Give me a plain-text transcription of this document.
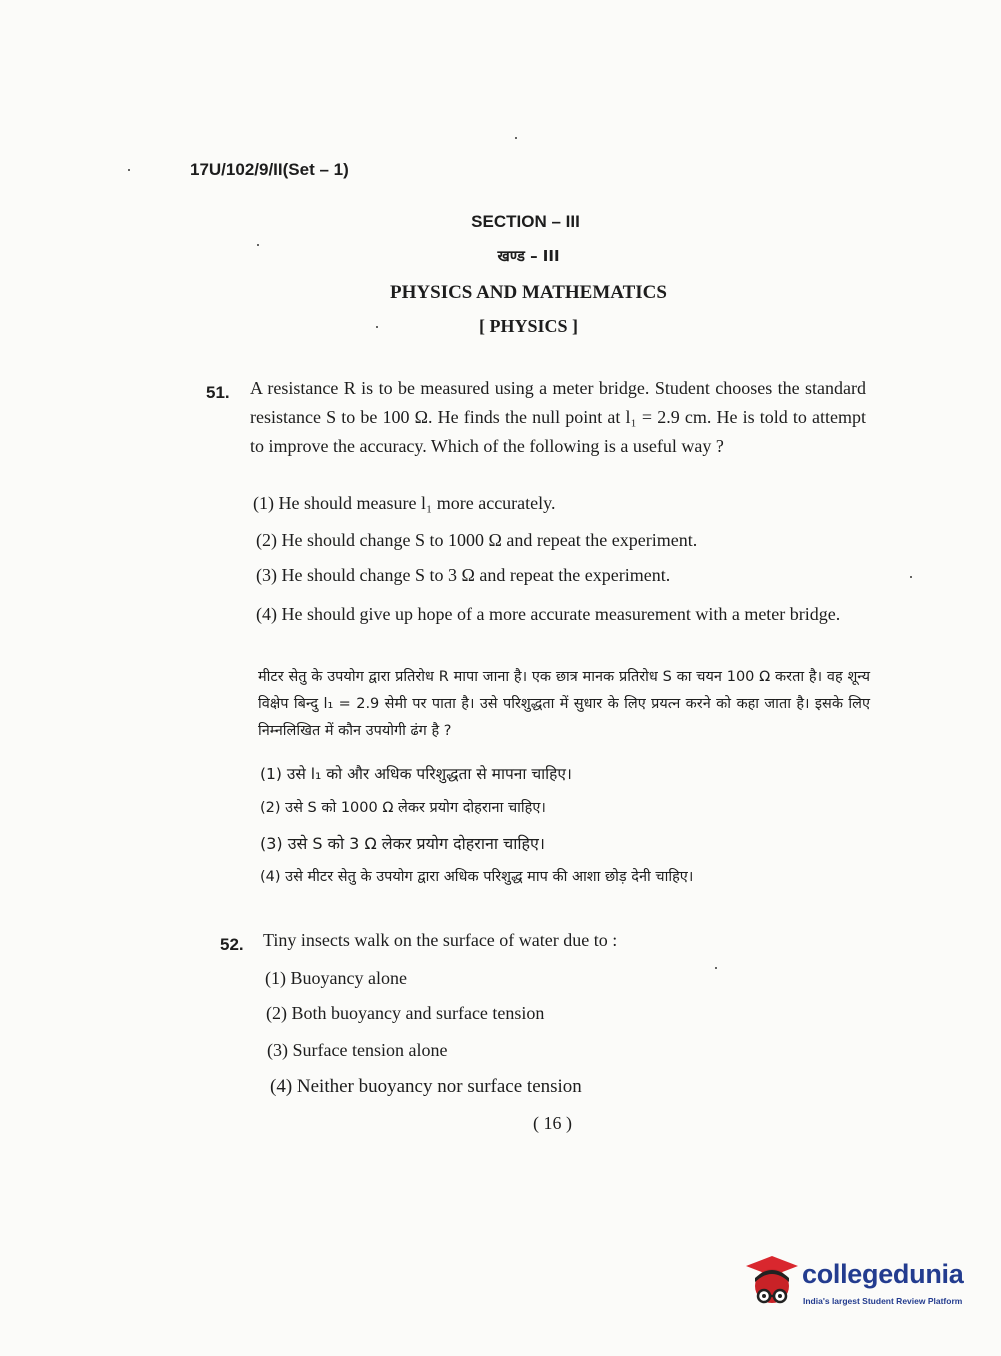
17U/102/9/II(Set – 1)
SECTION – III
खण्ड – III
PHYSICS AND MATHEMATICS
[ PHYSICS ]
51. A resistance R is to be measured using a meter bridge. Student chooses the standard resistance S to be 100 Ω. He finds the null point at l₁ = 2.9 cm. He is told to attempt to improve the accuracy. Which of the following is a useful way ?
(1) He should measure l₁ more accurately.
(2) He should change S to 1000 Ω and repeat the experiment.
(3) He should change S to 3 Ω and repeat the experiment.
(4) He should give up hope of a more accurate measurement with a meter bridge.
मीटर सेतु के उपयोग द्वारा प्रतिरोध R मापा जाना है। एक छात्र मानक प्रतिरोध S का चयन 100 Ω करता है। वह शून्य विक्षेप बिन्दु l₁ = 2.9 सेमी पर पाता है। उसे परिशुद्धता में सुधार के लिए प्रयत्न करने को कहा जाता है। इसके लिए निम्नलिखित में कौन उपयोगी ढंग है ?
(1) उसे l₁ को और अधिक परिशुद्धता से मापना चाहिए।
(2) उसे S को 1000 Ω लेकर प्रयोग दोहराना चाहिए।
(3) उसे S को 3 Ω लेकर प्रयोग दोहराना चाहिए।
(4) उसे मीटर सेतु के उपयोग द्वारा अधिक परिशुद्ध माप की आशा छोड़ देनी चाहिए।
52. Tiny insects walk on the surface of water due to :
(1) Buoyancy alone
(2) Both buoyancy and surface tension
(3) Surface tension alone
(4) Neither buoyancy nor surface tension
( 16 )
collegedunia
India's largest Student Review Platform
